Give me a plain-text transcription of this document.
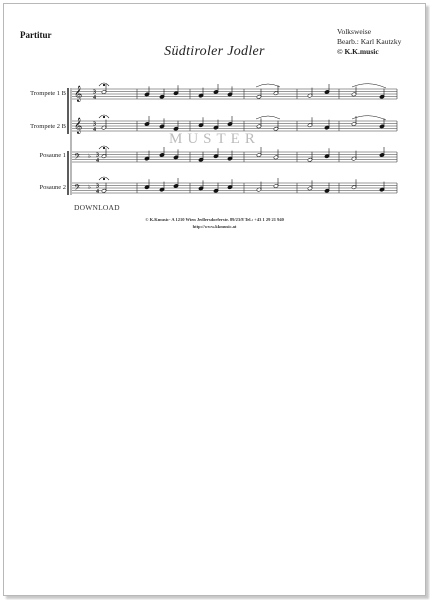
Partitur
Südtiroler Jodler
Volksweise
Bearb.: Karl Kautzky
© K.K.music
Trompete 1 B
Trompete 2 B
Posaune 1
Posaune 2
𝄞 3
4
𝄞 3
4
𝄢	3
4
♭
𝄢	3
4
♭
MUSTER
DOWNLOAD
© K.Kmusic- A 1210 Wien Jedlersdorferstr. 89/23/8 Tel.: +43 1 29 21 940
http://www.kkmusic.at
